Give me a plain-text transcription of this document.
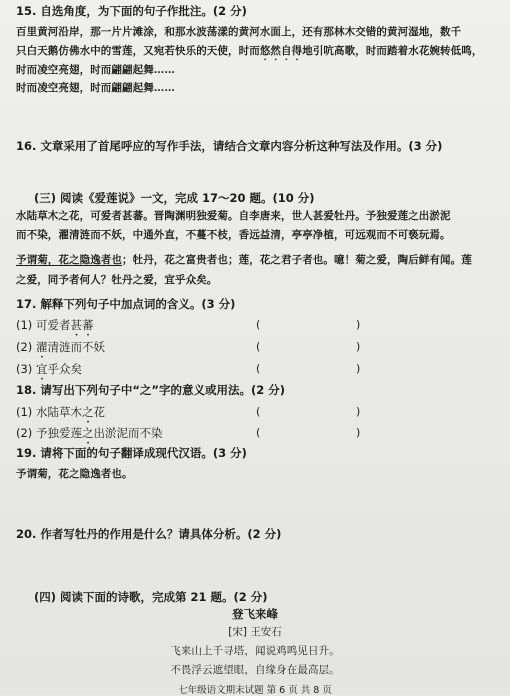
15. 自选角度，为下面的句子作批注。(2 分)
百里黄河沿岸，那一片片滩涂，和那水波荡漾的黄河水面上，还有那林木交错的黄河湿地，数千
只白天鹅仿佛水中的雪莲，又宛若快乐的天使，时而悠然自得地引吭高歌，时而踏着水花婉转低鸣，
时而凌空亮翅，时而翩翩起舞……
时而凌空亮翅，时而翩翩起舞……
16. 文章采用了首尾呼应的写作手法，请结合文章内容分析这种写法及作用。(3 分)
(三) 阅读《爱莲说》一文，完成 17～20 题。(10 分)
水陆草木之花，可爱者甚蕃。晋陶渊明独爱菊。自李唐来，世人甚爱牡丹。予独爱莲之出淤泥
而不染，濯清涟而不妖，中通外直，不蔓不枝，香远益清，亭亭净植，可远观而不可亵玩焉。
予谓菊，花之隐逸者也；牡丹，花之富贵者也；莲，花之君子者也。噫！菊之爱，陶后鲜有闻。莲
之爱，同予者何人？牡丹之爱，宜乎众矣。
17. 解释下列句子中加点词的含义。(3 分)
(1) 可爱者甚蕃	(	)
(2) 濯清涟而不妖	(	)
(3) 宜乎众矣	(	)
18. 请写出下列句子中“之”字的意义或用法。(2 分)
(1) 水陆草木之花	(	)
(2) 予独爱莲之出淤泥而不染	(	)
19. 请将下面的句子翻译成现代汉语。(3 分)
予谓菊，花之隐逸者也。
20. 作者写牡丹的作用是什么？请具体分析。(2 分)
(四) 阅读下面的诗歌，完成第 21 题。(2 分)
登飞来峰
[宋] 王安石
飞来山上千寻塔，闻说鸡鸣见日升。
不畏浮云遮望眼，自缘身在最高层。
七年级语文期末试题 第 6 页 共 8 页
